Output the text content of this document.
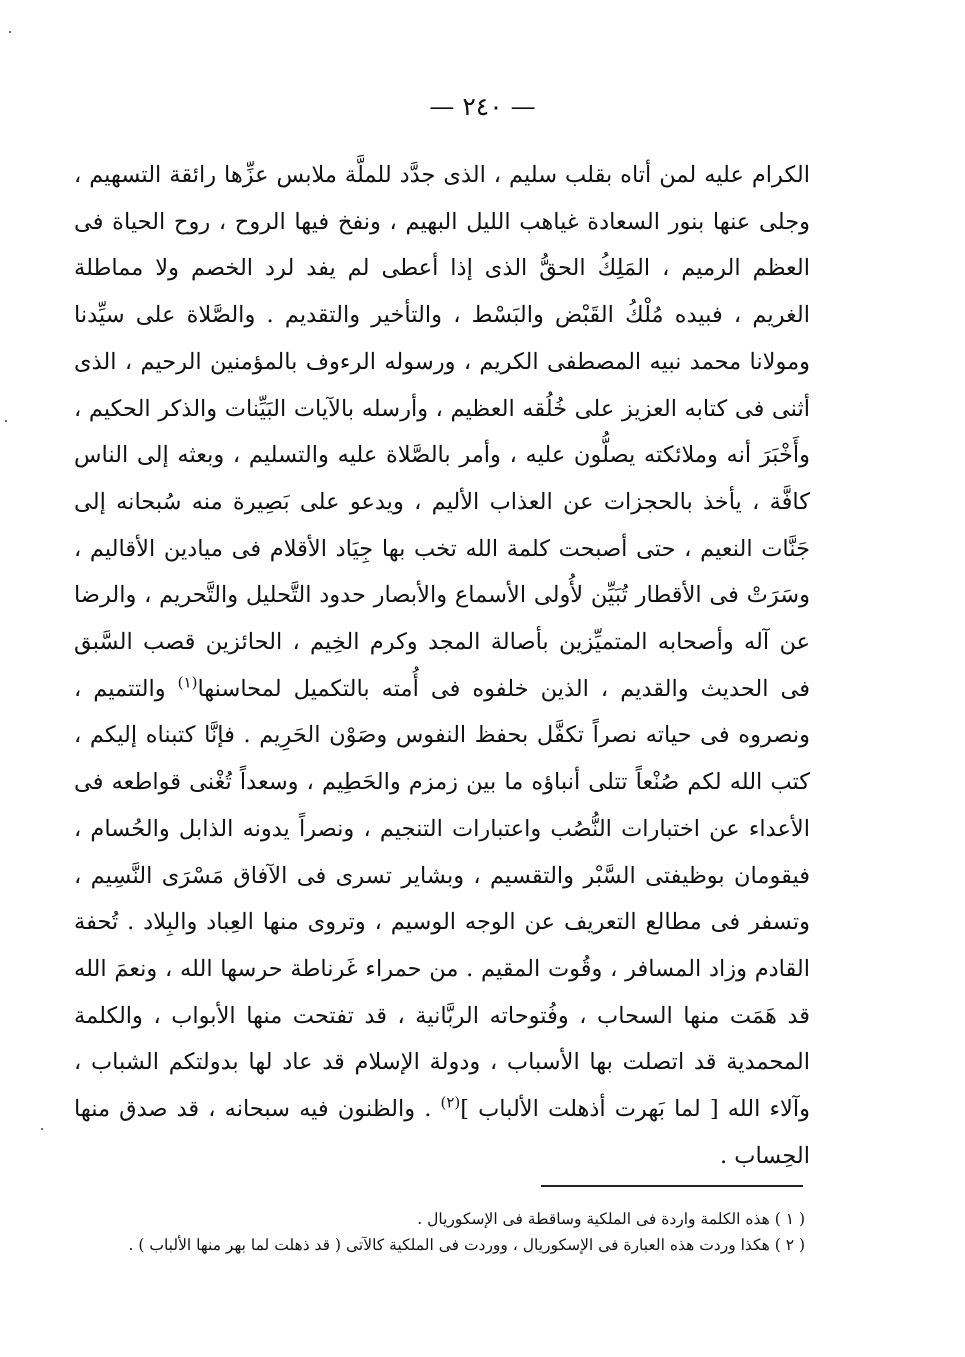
— ٢٤٠ —

الكرام عليه لمن أتاه بقلب سليم ، الذى جدَّد للملَّة ملابس عزِّها رائقة التسهيم ، وجلى عنها بنور السعادة غياهب الليل البهيم ، ونفخ فيها الروح ، روح الحياة فى العظم الرميم ، المَلِكُ الحقُّ الذى إذا أعطى لم يفد لرد الخصم ولا مماطلة الغريم ، فبيده مُلْكُ القَبْض والبَسْط ، والتأخير والتقديم . والصَّلاة على سيِّدنا ومولانا محمد نبيه المصطفى الكريم ، ورسوله الرءوف بالمؤمنين الرحيم ، الذى أثنى فى كتابه العزيز على خُلُقه العظيم ، وأرسله بالآيات البَيِّنات والذكر الحكيم ، وأَخْبَرَ أنه وملائكته يصلُّون عليه ، وأمر بالصَّلاة عليه والتسليم ، وبعثه إلى الناس كافَّة ، يأخذ بالحجزات عن العذاب الأليم ، ويدعو على بَصِيرة منه سُبحانه إلى جَنَّات النعيم ، حتى أصبحت كلمة الله تخب بها جِيَاد الأقلام فى ميادين الأقاليم ، وسَرَتْ فى الأقطار تُبَيِّن لأُولى الأسماع والأبصار حدود التَّحليل والتَّحريم ، والرضا عن آله وأصحابه المتميِّزين بأصالة المجد وكرم الخِيم ، الحائزين قصب السَّبق فى الحديث والقديم ، الذين خلفوه فى أُمته بالتكميل لمحاسنها$^{(١)}$ والتتميم ، ونصروه فى حياته نصراً تكفَّل بحفظ النفوس وصَوْن الحَرِيم . فإنَّا كتبناه إليكم ، كتب الله لكم صُنْعاً تتلى أنباؤه ما بين زمزم والحَطِيم ، وسعداً تُغْنى قواطعه فى الأعداء عن اختبارات النُّصُب واعتبارات التنجيم ، ونصراً يدونه الذابل والحُسام ، فيقومان بوظيفتى السَّبْر والتقسيم ، وبشاير تسرى فى الآفاق مَسْرَى النَّسِيم ، وتسفر فى مطالع التعريف عن الوجه الوسيم ، وتروى منها العِباد والبِلاد . تُحفة القادم وزاد المسافر ، وقُوت المقيم . من حمراء غَرناطة حرسها الله ، ونعمَ الله قد هَمَت منها السحاب ، وفُتوحاته الربَّانية ، قد تفتحت منها الأبواب ، والكلمة المحمدية قد اتصلت بها الأسباب ، ودولة الإسلام قد عاد لها بدولتكم الشباب ، وآلاء الله [ لما بَهرت أذهلت الألباب ]$^{(٢)}$ . والظنون فيه سبحانه ، قد صدق منها الحِساب .

( ١ ) هذه الكلمة واردة فى الملكية وساقطة فى الإسكوريال .

( ٢ ) هكذا وردت هذه العبارة فى الإسكوريال ، ووردت فى الملكية كالآتى ( قد ذهلت لما بهر منها الألباب ) .
